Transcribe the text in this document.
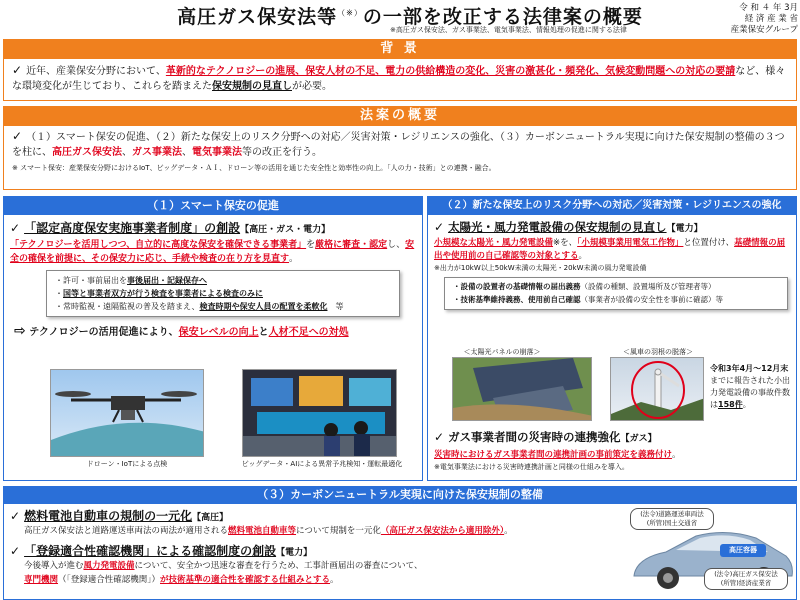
高圧ガス保安法等（※）の一部を改正する法律案の概要
※高圧ガス保安法、ガス事業法、電気事業法、情報処理の促進に関する法律
令 和 ４ 年 3月
経 済 産 業 省
産業保安グループ
背 景
✓ 近年、産業保安分野において、革新的なテクノロジーの進展、保安人材の不足、電力の供給構造の変化、災害の激甚化・頻発化、気候変動問題への対応の要請など、様々な環境変化が生じており、これらを踏まえた保安規制の見直しが必要。
法案の概要
✓ （１）スマート保安の促進、（２）新たな保安上のリスク分野への対応／災害対策・レジリエンスの強化、（３）カーボンニュートラル実現に向けた保安規制の整備の３つを柱に、高圧ガス保安法、ガス事業法、電気事業法等の改正を行う。
※ スマート保安：産業保安分野におけるIoT、ビッグデータ・ＡＩ、ドローン等の活用を通じた安全性と効率性の向上。「人の力・技術」との連携・融合。
（１）スマート保安の促進
✓ 「認定高度保安実施事業者制度」の創設【高圧・ガス・電力】
「テクノロジーを活用しつつ、自立的に高度な保安を確保できる事業者」を厳格に審査・認定し、安全の確保を前提に、その保安力に応じ、手続や検査の在り方を見直す。
・許可・事前届出を事後届出・記録保存へ
・国等と事業者双方が行う検査を事業者による検査のみに
・常時監視・遠隔監視の普及を踏まえ、検査時期や保安人員の配置を柔軟化　等
⇨ テクノロジーの活用促進により、保安レベルの向上と人材不足への対処
ドローン・IoTによる点検	ビッグデータ・AIによる異常予兆検知・運転最適化
（２）新たな保安上のリスク分野への対応／災害対策・レジリエンスの強化
✓ 太陽光・風力発電設備の保安規制の見直し【電力】
小規模な太陽光・風力発電設備※を、「小規模事業用電気工作物」と位置付け、基礎情報の届出や使用前の自己確認等の対象とする。
※出力が10kW以上50kW未満の太陽光・20kW未満の風力発電設備
・設備の設置者の基礎情報の届出義務（設備の種類、設置場所及び管理者等）
・技術基準維持義務、使用前自己確認（事業者が設備の安全性を事前に確認）等
＜太陽光パネルの崩落＞	＜風車の羽根の脱落＞
令和3年4月～12月末までに報告された小出力発電設備の事故件数は158件。
✓ ガス事業者間の災害時の連携強化【ガス】
災害時におけるガス事業者間の連携計画の事前策定を義務付け。
※電気事業法における災害時連携計画と同様の仕組みを導入。
（３）カーボンニュートラル実現に向けた保安規制の整備
✓ 燃料電池自動車の規制の一元化【高圧】
高圧ガス保安法と道路運送車両法の両法が適用される燃料電池自動車等について規制を一元化（高圧ガス保安法から適用除外）。
✓ 「登録適合性確認機関」による確認制度の創設【電力】
今後導入が進む風力発電設備について、安全かつ迅速な審査を行うため、工事計画届出の審査について、
専門機関（「登録適合性確認機関」）が技術基準の適合性を確認する仕組みとする。
(法令)道路運送車両法
(所管)国土交通省
高圧容器
(法令)高圧ガス保安法
(所管)経済産業省
